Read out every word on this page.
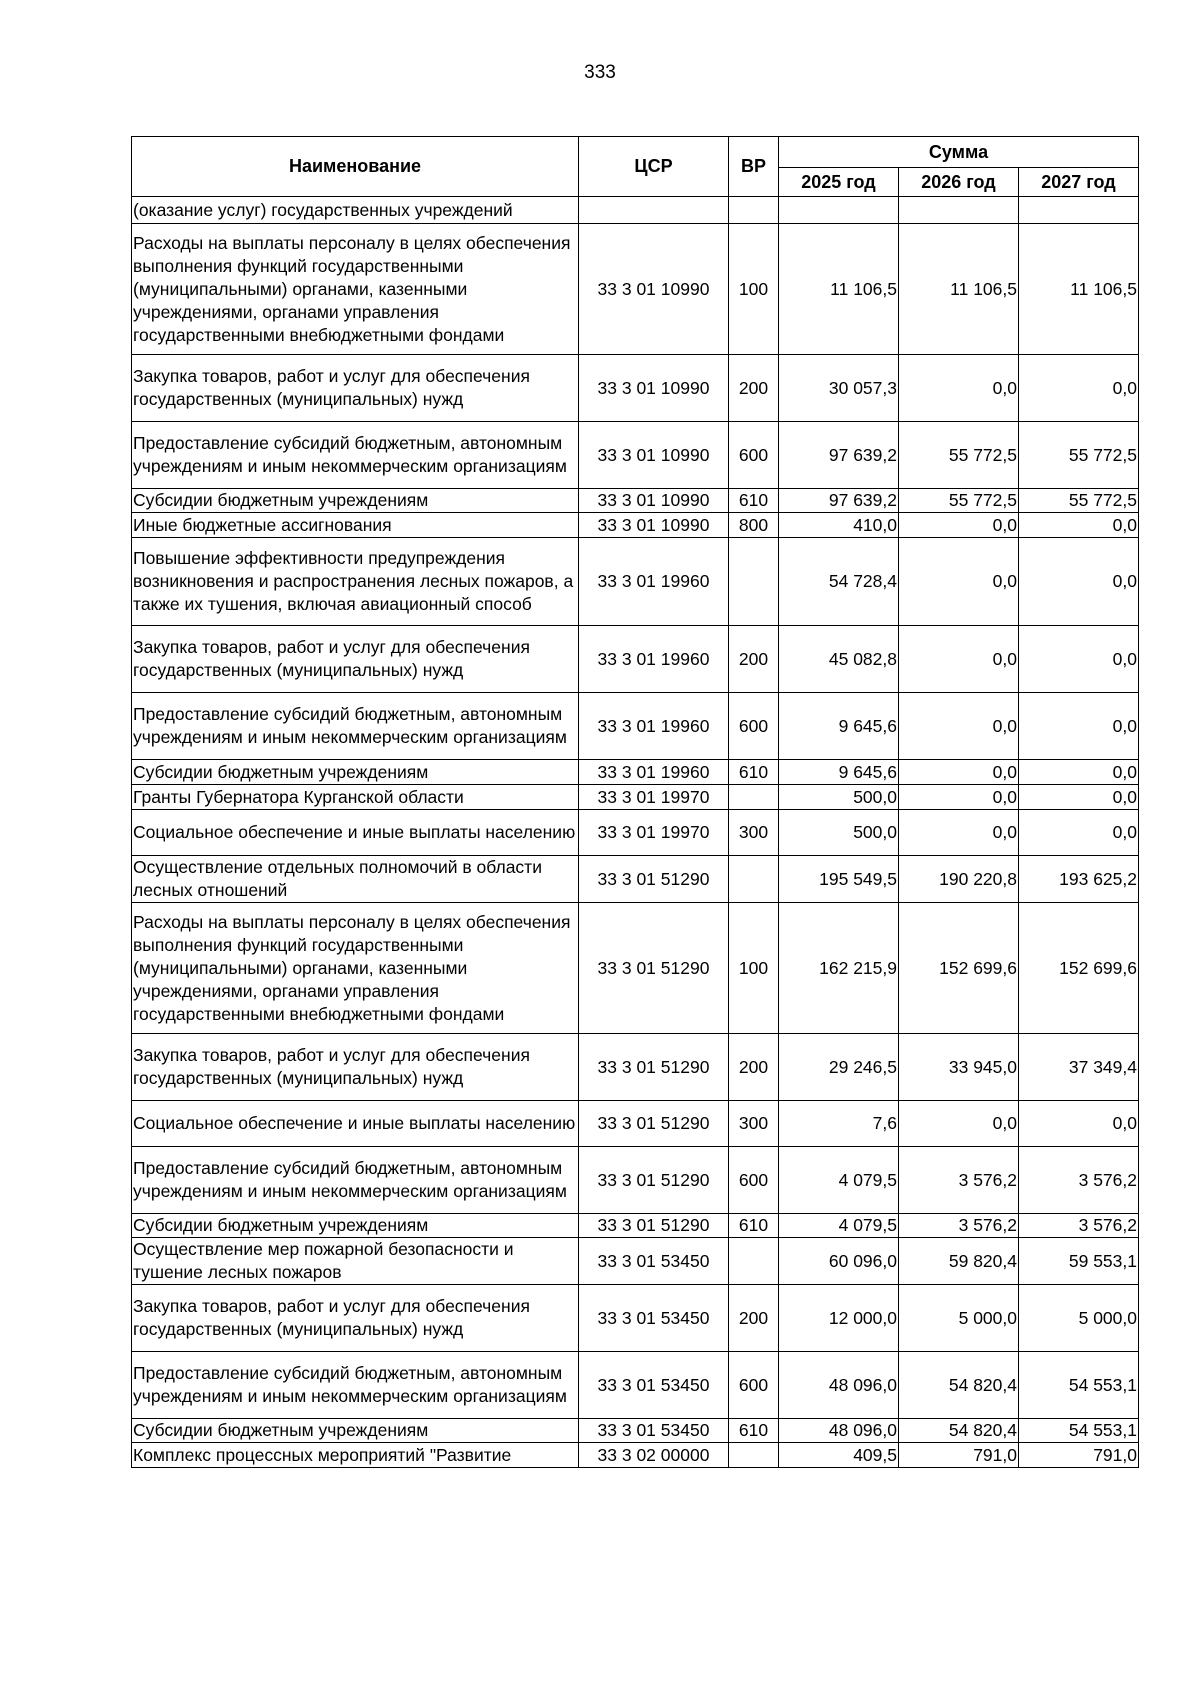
333
Наименование	ЦСР	ВР	Сумма		
			2025 год	2026 год	2027 год
(оказание услуг) государственных учреждений					
Расходы на выплаты персоналу в целях обеспечения выполнения функций государственными (муниципальными) органами, казенными учреждениями, органами управления государственными внебюджетными фондами	33 3 01 10990	100	11 106,5	11 106,5	11 106,5
Закупка товаров, работ и услуг для обеспечения государственных (муниципальных) нужд	33 3 01 10990	200	30 057,3	0,0	0,0
Предоставление субсидий бюджетным, автономным учреждениям и иным некоммерческим организациям	33 3 01 10990	600	97 639,2	55 772,5	55 772,5
Субсидии бюджетным учреждениям	33 3 01 10990	610	97 639,2	55 772,5	55 772,5
Иные бюджетные ассигнования	33 3 01 10990	800	410,0	0,0	0,0
Повышение эффективности предупреждения возникновения и распространения лесных пожаров, а также их тушения, включая авиационный способ	33 3 01 19960		54 728,4	0,0	0,0
Закупка товаров, работ и услуг для обеспечения государственных (муниципальных) нужд	33 3 01 19960	200	45 082,8	0,0	0,0
Предоставление субсидий бюджетным, автономным учреждениям и иным некоммерческим организациям	33 3 01 19960	600	9 645,6	0,0	0,0
Субсидии бюджетным учреждениям	33 3 01 19960	610	9 645,6	0,0	0,0
Гранты Губернатора Курганской области	33 3 01 19970		500,0	0,0	0,0
Социальное обеспечение и иные выплаты населению	33 3 01 19970	300	500,0	0,0	0,0
Осуществление отдельных полномочий в области лесных отношений	33 3 01 51290		195 549,5	190 220,8	193 625,2
Расходы на выплаты персоналу в целях обеспечения выполнения функций государственными (муниципальными) органами, казенными учреждениями, органами управления государственными внебюджетными фондами	33 3 01 51290	100	162 215,9	152 699,6	152 699,6
Закупка товаров, работ и услуг для обеспечения государственных (муниципальных) нужд	33 3 01 51290	200	29 246,5	33 945,0	37 349,4
Социальное обеспечение и иные выплаты населению	33 3 01 51290	300	7,6	0,0	0,0
Предоставление субсидий бюджетным, автономным учреждениям и иным некоммерческим организациям	33 3 01 51290	600	4 079,5	3 576,2	3 576,2
Субсидии бюджетным учреждениям	33 3 01 51290	610	4 079,5	3 576,2	3 576,2
Осуществление мер пожарной безопасности и тушение лесных пожаров	33 3 01 53450		60 096,0	59 820,4	59 553,1
Закупка товаров, работ и услуг для обеспечения государственных (муниципальных) нужд	33 3 01 53450	200	12 000,0	5 000,0	5 000,0
Предоставление субсидий бюджетным, автономным учреждениям и иным некоммерческим организациям	33 3 01 53450	600	48 096,0	54 820,4	54 553,1
Субсидии бюджетным учреждениям	33 3 01 53450	610	48 096,0	54 820,4	54 553,1
Комплекс процессных мероприятий "Развитие	33 3 02 00000		409,5	791,0	791,0
